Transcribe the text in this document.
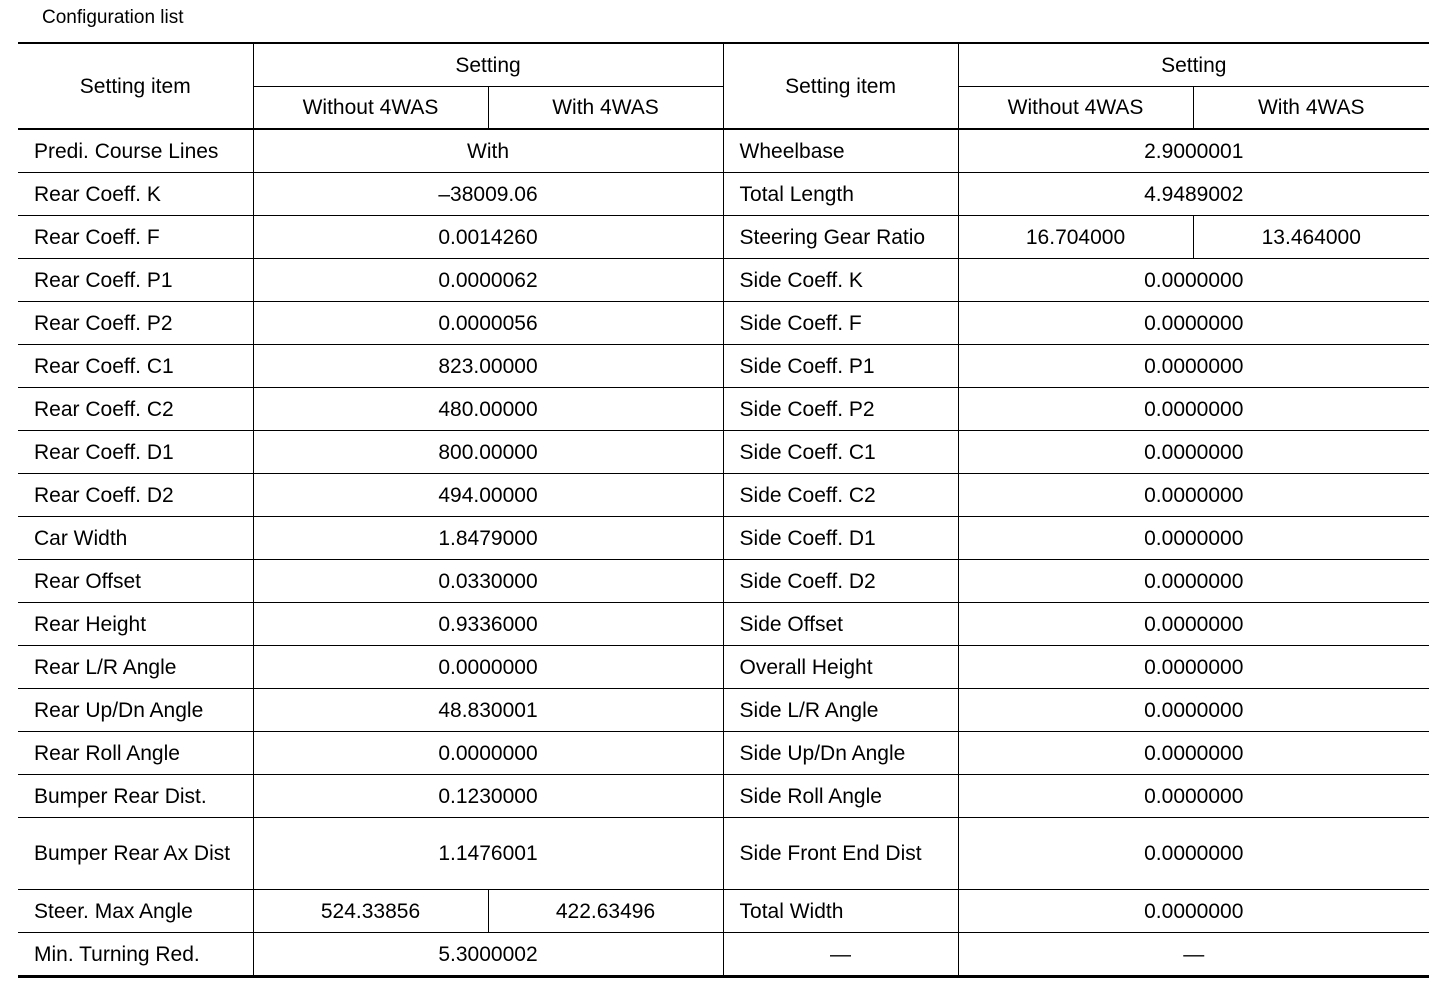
Configuration list
Setting item	Setting		Setting item	Setting	
	Without 4WAS	With 4WAS		Without 4WAS	With 4WAS
Predi. Course Lines	With		Wheelbase	2.9000001	
Rear Coeff. K	–38009.06		Total Length	4.9489002	
Rear Coeff. F	0.0014260		Steering Gear Ratio	16.704000	13.464000
Rear Coeff. P1	0.0000062		Side Coeff. K	0.0000000	
Rear Coeff. P2	0.0000056		Side Coeff. F	0.0000000	
Rear Coeff. C1	823.00000		Side Coeff. P1	0.0000000	
Rear Coeff. C2	480.00000		Side Coeff. P2	0.0000000	
Rear Coeff. D1	800.00000		Side Coeff. C1	0.0000000	
Rear Coeff. D2	494.00000		Side Coeff. C2	0.0000000	
Car Width	1.8479000		Side Coeff. D1	0.0000000	
Rear Offset	0.0330000		Side Coeff. D2	0.0000000	
Rear Height	0.9336000		Side Offset	0.0000000	
Rear L/R Angle	0.0000000		Overall Height	0.0000000	
Rear Up/Dn Angle	48.830001		Side L/R Angle	0.0000000	
Rear Roll Angle	0.0000000		Side Up/Dn Angle	0.0000000	
Bumper Rear Dist.	0.1230000		Side Roll Angle	0.0000000	
Bumper Rear Ax Dist	1.1476001		Side Front End Dist	0.0000000	
Steer. Max Angle	524.33856	422.63496	Total Width	0.0000000	
Min. Turning Red.	5.3000002		—	—	
